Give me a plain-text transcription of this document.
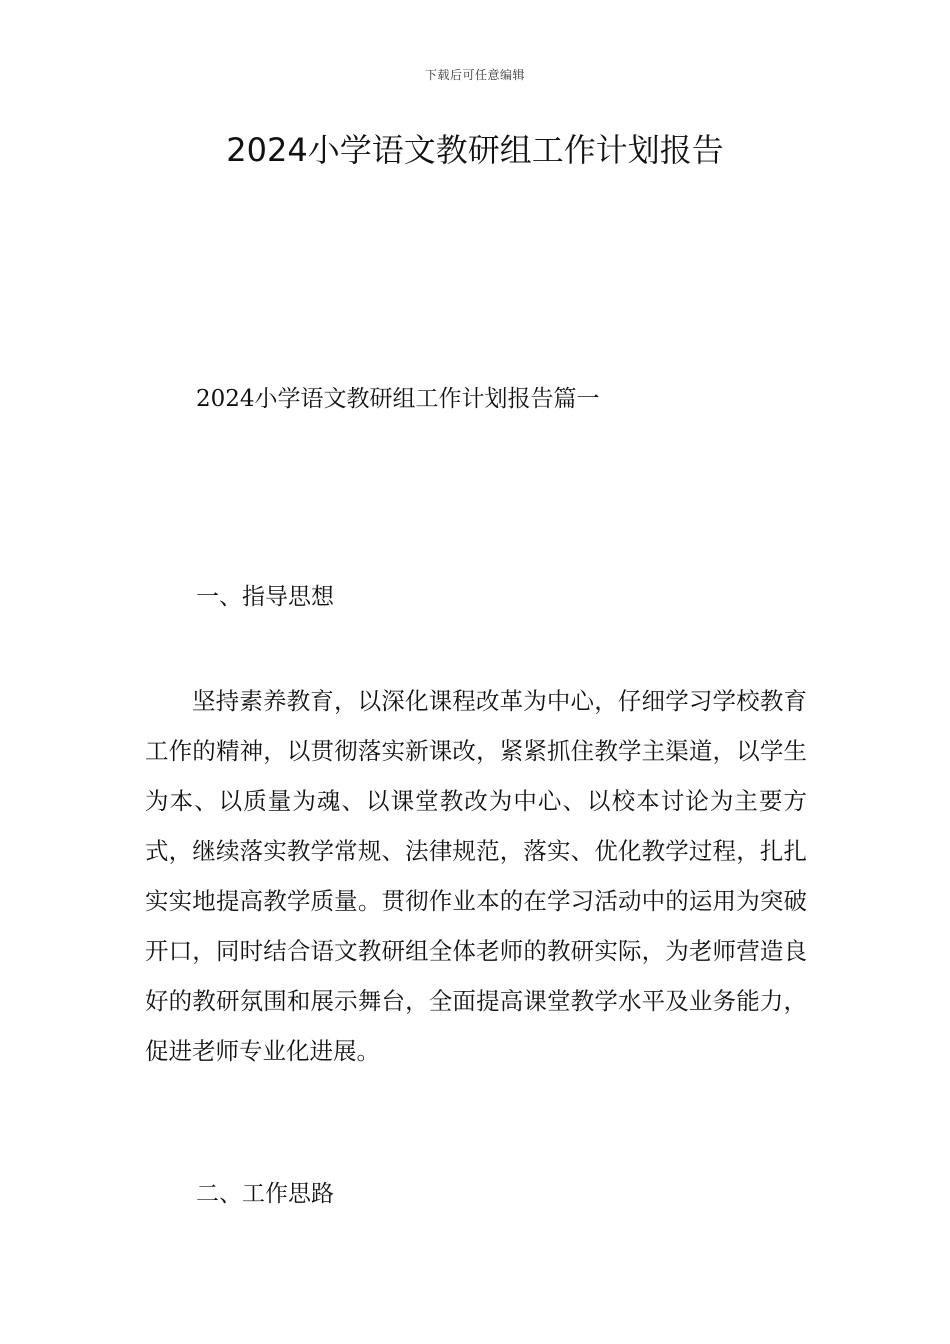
下载后可任意编辑
2024小学语文教研组工作计划报告
2024小学语文教研组工作计划报告篇一
一、指导思想

坚持素养教育，以深化课程改革为中心，仔细学习学校教育工作的精神，以贯彻落实新课改，紧紧抓住教学主渠道，以学生为本、以质量为魂、以课堂教改为中心、以校本讨论为主要方式，继续落实教学常规、法律规范，落实、优化教学过程，扎扎实实地提高教学质量。贯彻作业本的在学习活动中的运用为突破开口，同时结合语文教研组全体老师的教研实际，为老师营造良好的教研氛围和展示舞台，全面提高课堂教学水平及业务能力，促进老师专业化进展。

二、工作思路
